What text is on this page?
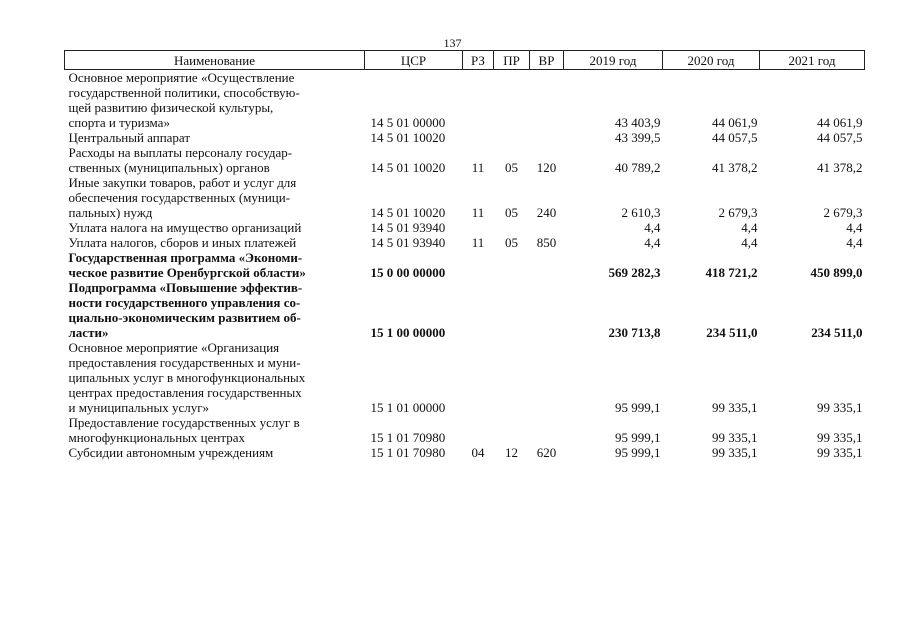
137
Наименование	ЦСР	РЗ	ПР	ВР	2019 год	2020 год	2021 год

Основное мероприятие «Осуществление
государственной политики, способствую-
щей развитию физической культуры,
спорта и туризма»	14 5 01 00000				43 403,9	44 061,9	44 061,9

Центральный аппарат	14 5 01 10020				43 399,5	44 057,5	44 057,5

Расходы на выплаты персоналу государ-
ственных (муниципальных) органов	14 5 01 10020	11	05	120	40 789,2	41 378,2	41 378,2

Иные закупки товаров, работ и услуг для
обеспечения государственных (муници-
пальных) нужд	14 5 01 10020	11	05	240	2 610,3	2 679,3	2 679,3

Уплата налога на имущество организаций	14 5 01 93940				4,4	4,4	4,4

Уплата налогов, сборов и иных платежей	14 5 01 93940	11	05	850	4,4	4,4	4,4

Государственная программа «Экономи-
ческое развитие Оренбургской области»	15 0 00 00000				569 282,3	418 721,2	450 899,0

Подпрограмма «Повышение эффектив-
ности государственного управления со-
циально-экономическим развитием об-
ласти»	15 1 00 00000				230 713,8	234 511,0	234 511,0

Основное мероприятие «Организация
предоставления государственных и муни-
ципальных услуг в многофункциональных
центрах предоставления государственных
и муниципальных услуг»	15 1 01 00000				95 999,1	99 335,1	99 335,1

Предоставление государственных услуг в
многофункциональных центрах	15 1 01 70980				95 999,1	99 335,1	99 335,1

Субсидии автономным учреждениям	15 1 01 70980	04	12	620	95 999,1	99 335,1	99 335,1
